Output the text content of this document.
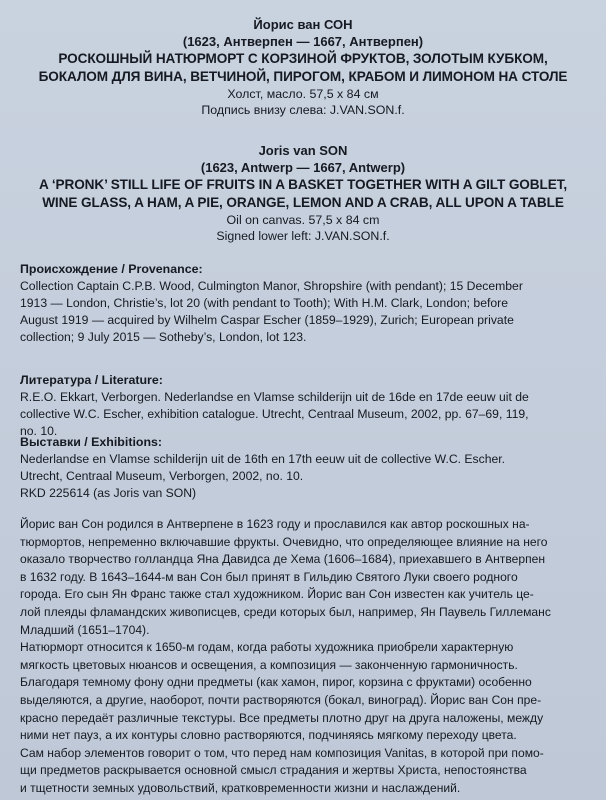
Йорис ван СОН
(1623, Антверпен — 1667, Антверпен)
РОСКОШНЫЙ НАТЮРМОРТ С КОРЗИНОЙ ФРУКТОВ, ЗОЛОТЫМ КУБКОМ,
БОКАЛОМ ДЛЯ ВИНА, ВЕТЧИНОЙ, ПИРОГОМ, КРАБОМ И ЛИМОНОМ НА СТОЛЕ
Холст, масло. 57,5 x 84 см
Подпись внизу слева: J.VAN.SON.f.
Joris van SON
(1623, Antwerp — 1667, Antwerp)
A ‘PRONK’ STILL LIFE OF FRUITS IN A BASKET TOGETHER WITH A GILT GOBLET,
WINE GLASS, A HAM, A PIE, ORANGE, LEMON AND A CRAB, ALL UPON A TABLE
Oil on canvas. 57,5 x 84 cm
Signed lower left: J.VAN.SON.f.
Происхождение / Provenance:
Collection Captain C.P.B. Wood, Culmington Manor, Shropshire (with pendant); 15 December
1913 — London, Christie’s, lot 20 (with pendant to Tooth); With H.M. Clark, London; before
August 1919 — acquired by Wilhelm Caspar Escher (1859–1929), Zurich; European private
collection; 9 July 2015 — Sotheby’s, London, lot 123.
Литература / Literature:
R.E.O. Ekkart, Verborgen. Nederlandse en Vlamse schilderijn uit de 16de en 17de eeuw uit de
collective W.C. Escher, exhibition catalogue. Utrecht, Centraal Museum, 2002, pp. 67–69, 119,
no. 10.
Выставки / Exhibitions:
Nederlandse en Vlamse schilderijn uit de 16th en 17th eeuw uit de collective W.C. Escher.
Utrecht, Centraal Museum, Verborgen, 2002, no. 10.
RKD 225614 (as Joris van SON)
Йорис ван Сон родился в Антверпене в 1623 году и прославился как автор роскошных на-
тюрмортов, непременно включавшие фрукты. Очевидно, что определяющее влияние на него
оказало творчество голландца Яна Давидса де Хема (1606–1684), приехавшего в Антверпен
в 1632 году. В 1643–1644-м ван Сон был принят в Гильдию Святого Луки своего родного
города. Его сын Ян Франс также стал художником. Йорис ван Сон известен как учитель це-
лой плеяды фламандских живописцев, среди которых был, например, Ян Паувель Гиллеманс
Младший (1651–1704).
Натюрморт относится к 1650-м годам, когда работы художника приобрели характерную
мягкость цветовых нюансов и освещения, а композиция — законченную гармоничность.
Благодаря темному фону одни предметы (как хамон, пирог, корзина с фруктами) особенно
выделяются, а другие, наоборот, почти растворяются (бокал, виноград). Йорис ван Сон пре-
красно передаёт различные текстуры. Все предметы плотно друг на друга наложены, между
ними нет пауз, а их контуры словно растворяются, подчиняясь мягкому переходу цвета.
Сам набор элементов говорит о том, что перед нам композиция Vanitas, в которой при помо-
щи предметов раскрывается основной смысл страдания и жертвы Христа, непостоянства
и тщетности земных удовольствий, кратковременности жизни и наслаждений.
